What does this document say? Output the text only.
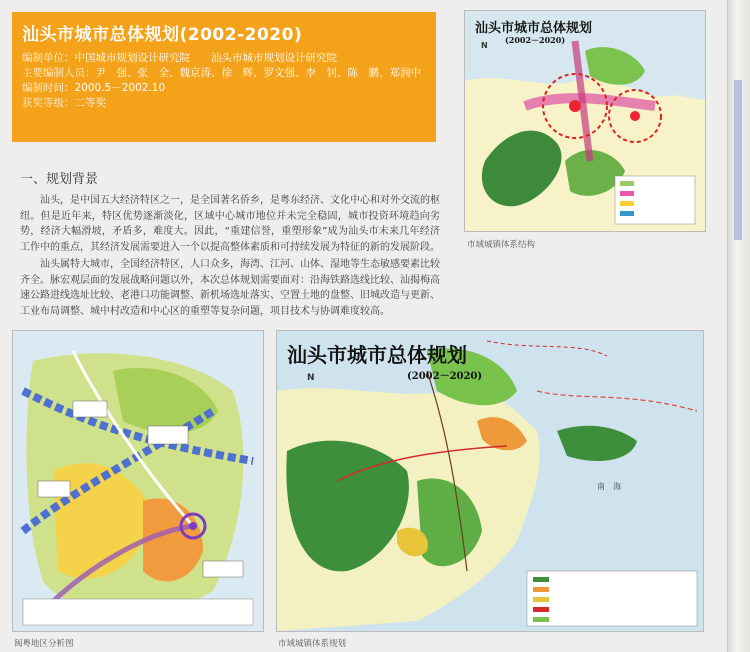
汕头市城市总体规划(2002-2020)
编制单位：中国城市规划设计研究院　　汕头市城市规划设计研究院
主要编制人员：尹　强、张　全、魏京涛、徐　辉、罗文强、李　钊、陈　鹏、郑润中
编制时间：2000.5－2002.10
获奖等级：二等奖
一、规划背景
汕头，是中国五大经济特区之一，是全国著名侨乡，是粤东经济、文化中心和对外交流的枢纽。但是近年来，特区优势逐渐淡化，区域中心城市地位并未完全稳固，城市投资环境趋向劣势，经济大幅滑坡，矛盾多，难度大。因此，“重建信誉，重塑形象”成为汕头市未来几年经济工作中的重点，其经济发展需要进入一个以提高整体素质和可持续发展为特征的新的发展阶段。
汕头属特大城市，全国经济特区，人口众多，海湾、江河、山体、湿地等生态敏感要素比较齐全。脉宏观层面的发展战略问题以外，本次总体规划需要面对：沿海铁路选线比较、汕揭梅高速公路进线选址比较、老港口功能调整、新机场选址落实、空置土地的盘整、旧城改造与更新、工业布局调整、城中村改造和中心区的重塑等复杂问题，项目技术与协调难度较高。
汕头市城市总体规划
(2002－2020)
N
市域城镇体系结构
闽粤地区分析图
汕头市城市总体规划
(2002－2020)
N
南　海
市域城镇体系规划
